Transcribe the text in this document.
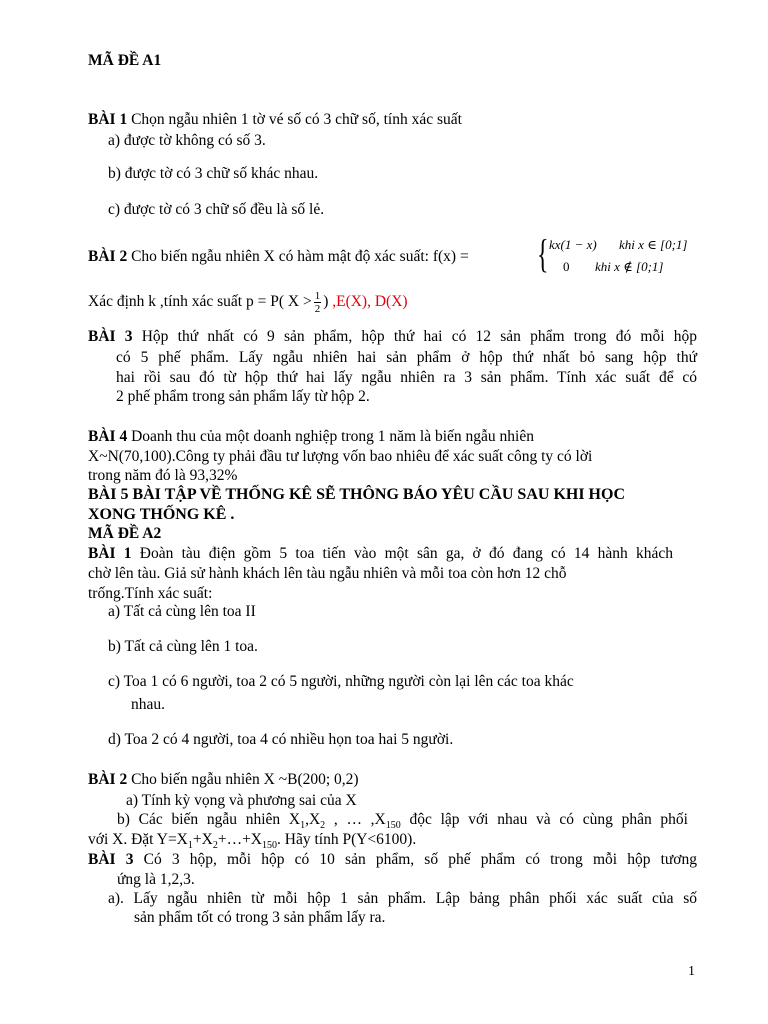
MÃ ĐỀ A1
BÀI 1 Chọn ngẫu nhiên 1 tờ vé số có 3 chữ số, tính xác suất
a) được tờ không có số 3.
b) được tờ có 3 chữ số khác nhau.
c) được tờ có 3 chữ số đều là số lẻ.
BÀI 2 Cho biến ngẫu nhiên X có hàm mật độ xác suất: f(x) = { kx(1 − x) khi x ∈ [0;1]
0 khi x ∉ [0;1]
Xác định k ,tính xác suất p = P( $X > \frac{1}{2}$ ) ,E(X), D(X)
BÀI 3 Hộp thứ nhất có 9 sản phẩm, hộp thứ hai có 12 sản phẩm trong đó mỗi hộp
có 5 phế phẩm. Lấy ngẫu nhiên hai sản phẩm ở hộp thứ nhất bỏ sang hộp thứ
hai rồi sau đó từ hộp thứ hai lấy ngẫu nhiên ra 3 sản phẩm. Tính xác suất để có
2 phế phẩm trong sản phẩm lấy từ hộp 2.
BÀI 4 Doanh thu của một doanh nghiệp trong 1 năm là biến ngẫu nhiên
X~N(70,100).Công ty phải đầu tư lượng vốn bao nhiêu để xác suất công ty có lời
trong năm đó là 93,32%
BÀI 5 BÀI TẬP VỀ THỐNG KÊ SẼ THÔNG BÁO YÊU CẦU SAU KHI HỌC
XONG THỐNG KÊ .
MÃ ĐỀ A2
BÀI 1 Đoàn tàu điện gồm 5 toa tiến vào một sân ga, ở đó đang có 14 hành khách
chờ lên tàu. Giả sử hành khách lên tàu ngẫu nhiên và mỗi toa còn hơn 12 chỗ
trống.Tính xác suất:
a) Tất cả cùng lên toa II
b) Tất cả cùng lên 1 toa.
c) Toa 1 có 6 người, toa 2 có 5 người, những người còn lại lên các toa khác
nhau.
d) Toa 2 có 4 người, toa 4 có nhiều họn toa hai 5 người.
BÀI 2 Cho biến ngẫu nhiên X ~B(200; 0,2)
a) Tính kỳ vọng và phương sai của X
b) Các biến ngẫu nhiên $X_1,X_2$ , … $,X_{150}$ độc lập với nhau và có cùng phân phối
với X. Đặt $Y=X_1+X_2+\dots+X_{150}$. Hãy tính P(Y<6100).
BÀI 3 Có 3 hộp, mỗi hộp có 10 sản phẩm, số phế phẩm có trong mỗi hộp tương
ứng là 1,2,3.
a). Lấy ngẫu nhiên từ mỗi hộp 1 sản phẩm. Lập bảng phân phối xác suất của số
sản phẩm tốt có trong 3 sản phẩm lấy ra.
1
